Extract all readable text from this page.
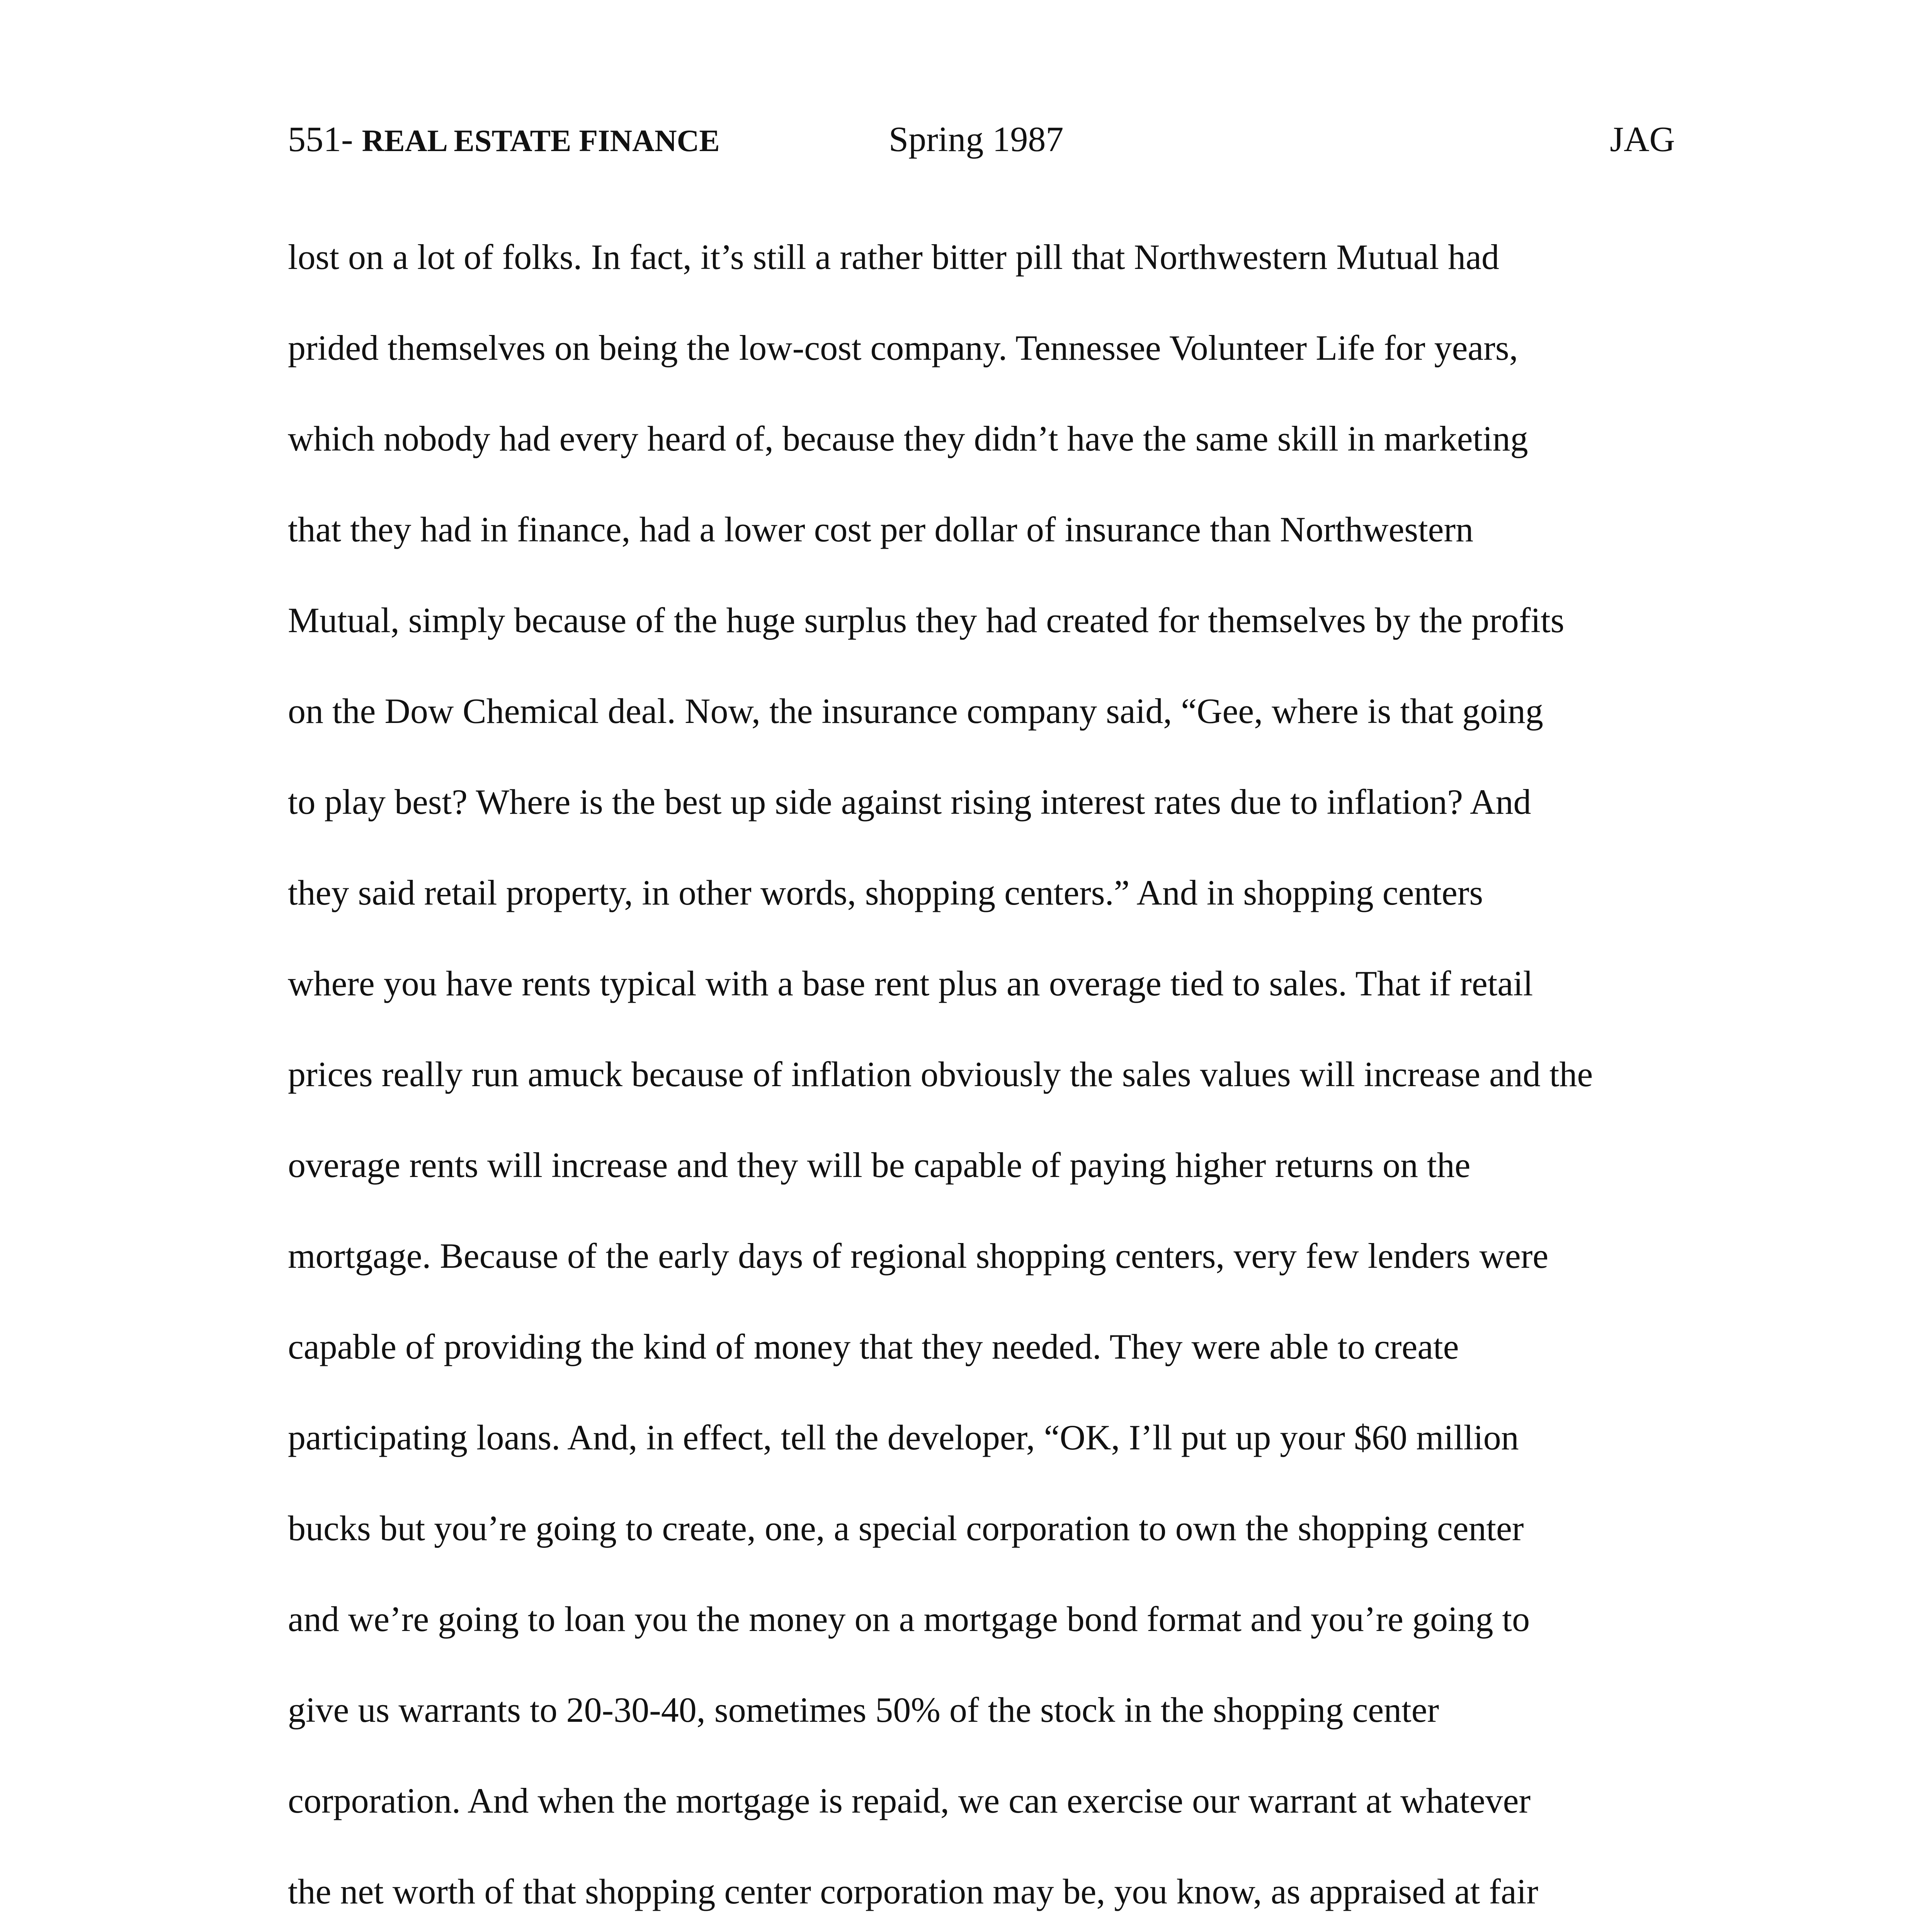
551- REAL ESTATE FINANCE	Spring 1987	JAG
lost on a lot of folks. In fact, it’s still a rather bitter pill that Northwestern Mutual had
prided themselves on being the low-cost company. Tennessee Volunteer Life for years,
which nobody had every heard of, because they didn’t have the same skill in marketing
that they had in finance, had a lower cost per dollar of insurance than Northwestern
Mutual, simply because of the huge surplus they had created for themselves by the profits
on the Dow Chemical deal. Now, the insurance company said, “Gee, where is that going
to play best? Where is the best up side against rising interest rates due to inflation? And
they said retail property, in other words, shopping centers.” And in shopping centers
where you have rents typical with a base rent plus an overage tied to sales. That if retail
prices really run amuck because of inflation obviously the sales values will increase and the
overage rents will increase and they will be capable of paying higher returns on the
mortgage. Because of the early days of regional shopping centers, very few lenders were
capable of providing the kind of money that they needed. They were able to create
participating loans. And, in effect, tell the developer, “OK, I’ll put up your $60 million
bucks but you’re going to create, one, a special corporation to own the shopping center
and we’re going to loan you the money on a mortgage bond format and you’re going to
give us warrants to 20-30-40, sometimes 50% of the stock in the shopping center
corporation. And when the mortgage is repaid, we can exercise our warrant at whatever
the net worth of that shopping center corporation may be, you know, as appraised at fair
